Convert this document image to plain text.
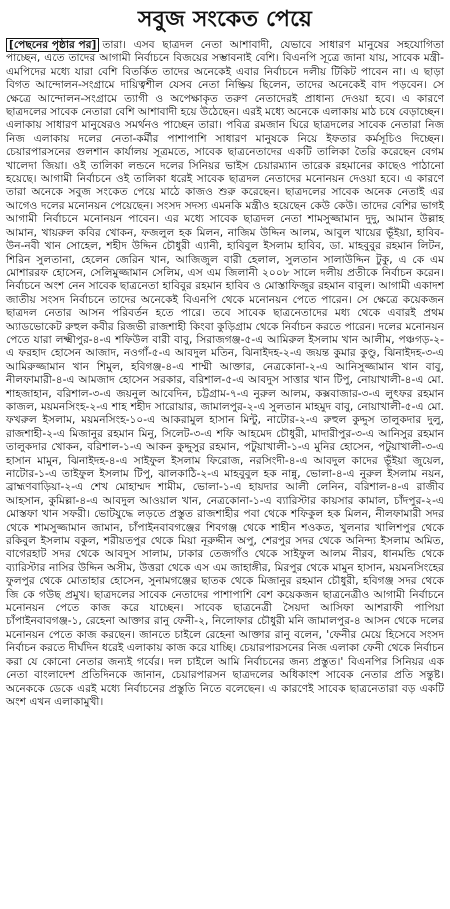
সবুজ সংকেত পেয়ে

[পেছনের পৃষ্ঠার পর] তারা। এসব ছাত্রদল নেতা আশাবাদী, যেভাবে সাধারণ মানুষের সহযোগিতা পাচ্ছেন, এতে তাদের আগামী নির্বাচনে বিজয়ের সম্ভাবনাই বেশি। বিএনপি সূত্রে জানা যায়, সাবেক মন্ত্রী-এমপিদের মধ্যে যারা বেশি বিতর্কিত তাদের অনেকেই এবার নির্বাচনে দলীয় টিকিট পাবেন না। এ ছাড়া বিগত আন্দোলন-সংগ্রামে দায়িত্বশীল যেসব নেতা নিষ্ক্রিয় ছিলেন, তাদের অনেকেই বাদ পড়বেন। সে ক্ষেত্রে আন্দোলন-সংগ্রামে ত্যাগী ও অপেক্ষাকৃত তরুণ নেতাদেরই প্রাধান্য দেওয়া হবে। এ কারণে ছাত্রদলের সাবেক নেতারা বেশি আশাবাদী হয়ে উঠেছেন। এরই মধ্যে অনেকে এলাকায় মাঠ চষে বেড়াচ্ছেন। এলাকায় সাধারণ মানুষেরও সমর্থনও পাচ্ছেন তারা। পবিত্র রমজান ঘিরে ছাত্রদলের সাবেক নেতারা নিজ নিজ এলাকায় দলের নেতা-কর্মীর পাশাপাশি সাধারণ মানুষকে নিয়ে ইফতার কর্মসূচিও দিচ্ছেন। চেয়ারপারসনের গুলশান কার্যালয় সূত্রমতে, সাবেক ছাত্রনেতাদের একটি তালিকা তৈরি করেছেন বেগম খালেদা জিয়া। ওই তালিকা লন্ডনে দলের সিনিয়র ভাইস চেয়ারম্যান তারেক রহমানের কাছেও পাঠানো হয়েছে। আগামী নির্বাচনে ওই তালিকা ধরেই সাবেক ছাত্রদল নেতাদের মনোনয়ন দেওয়া হবে। এ কারণে তারা অনেকে সবুজ সংকেত পেয়ে মাঠে কাজও শুরু করেছেন। ছাত্রদলের সাবেক অনেক নেতাই এর আগেও দলের মনোনয়ন পেয়েছেন। সংসদ সদস্য এমনকি মন্ত্রীও হয়েছেন কেউ কেউ। তাদের বেশির ভাগই আগামী নির্বাচনে মনোনয়ন পাবেন। এর মধ্যে সাবেক ছাত্রদল নেতা শামসুজ্জামান দুদু, আমান উল্লাহ আমান, খায়রুল কবির খোকন, ফজলুল হক মিলন, নাজিম উদ্দিন আলম, আবুল খায়ের ভূঁইয়া, হাবিব-উন-নবী খান সোহেল, শহীদ উদ্দিন চৌধুরী এ্যানী, হাবিবুল ইসলাম হাবিব, ডা. মাহবুবুর রহমান লিটন, শিরিন সুলতানা, হেলেন জেরিন খান, আজিজুল বারী হেলাল, সুলতান সালাউদ্দিন টুকু, এ কে এম মোশাররফ হোসেন, সেলিমুজ্জামান সেলিম, এস এম জিলানী ২০০৮ সালে দলীয় প্রতীকে নির্বাচন করেন। নির্বাচনে অংশ নেন সাবেক ছাত্রনেতা হাবিবুর রহমান হাবিব ও মোস্তাফিজুর রহমান বাবুল। আগামী একাদশ জাতীয় সংসদ নির্বাচনে তাদের অনেকেই বিএনপি থেকে মনোনয়ন পেতে পারেন। সে ক্ষেত্রে কয়েকজন ছাত্রদল নেতার আসন পরিবর্তন হতে পারে। তবে সাবেক ছাত্রনেতাদের মধ্য থেকে এবারই প্রথম অ্যাডভোকেট রুহুল কবীর রিজভী রাজশাহী কিংবা কুড়িগ্রাম থেকে নির্বাচন করতে পারেন। দলের মনোনয়ন পেতে যারা লক্ষ্মীপুর-৪-এ শফিউল বারী বাবু, সিরাজগঞ্জ-৫-এ আমিরুল ইসলাম খান আলীম, পঞ্চগড়-২-এ ফরহাদ হোসেন আজাদ, নওগাঁ-৫-এ আবদুল মতিন, ঝিনাইদহ-২-এ জয়ন্ত কুমার কুণ্ডু, ঝিনাইদহ-৩-এ আমিরুজ্জামান খান শিমুল, হবিগঞ্জ-৪-এ শাম্মী আক্তার, নেত্রকোনা-২-এ আনিসুজ্জামান খান বাবু, নীলফামারী-৪-এ আমজাদ হোসেন সরকার, বরিশাল-৫-এ আবদুস সাত্তার খান টিপু, নোয়াখালী-৪-এ মো. শাহজাহান, বরিশাল-৩-এ জয়নুল আবেদিন, চট্টগ্রাম-৭-এ নুরুল আলম, কক্সবাজার-৩-এ লুৎফর রহমান কাজল, ময়মনসিংহ-২-এ শাহ শহীদ সারোয়ার, জামালপুর-২-এ সুলতান মাহমুদ বাবু, নোয়াখালী-৫-এ মো. ফখরুল ইসলাম, ময়মনসিংহ-১০-এ আকরামুল হাসান মিন্টু, নাটোর-২-এ রুহুল কুদ্দুস তালুকদার দুলু, রাজশাহী-২-এ মিজানুর রহমান মিনু, সিলেট-৩-এ শফি আহমেদ চৌধুরী, মাদারীপুর-৩-এ আনিসুর রহমান তালুকদার খোকন, বরিশাল-১-এ আকন কুদ্দুসুর রহমান, পটুয়াখালী-১-এ মুনির হোসেন, পটুয়াখালী-৩-এ হাসান মামুন, ঝিনাইদহ-৪-এ সাইফুল ইসলাম ফিরোজ, নরসিংদী-৪-এ আবদুল কাদের ভূঁইয়া জুয়েল, নাটোর-১-এ তাইফুল ইসলাম টিপু, ঝালকাঠি-২-এ মাহবুবুল হক নান্নু, ভোলা-৪-এ নুরুল ইসলাম নয়ন, ব্রাহ্মণবাড়িয়া-২-এ শেখ মোহাম্মদ শামীম, ভোলা-১-এ হায়দার আলী লেনিন, বরিশাল-৪-এ রাজীব আহসান, কুমিল্লা-৪-এ আবদুল আওয়াল খান, নেত্রকোনা-১-এ ব্যারিস্টার কায়সার কামাল, চাঁদপুর-২-এ মোস্তফা খান সফরী। ভোটযুদ্ধে লড়তে প্রস্তুত রাজশাহীর পবা থেকে শফিকুল হক মিলন, নীলফামারী সদর থেকে শামসুজ্জামান জামান, চাঁপাইনবাবগঞ্জের শিবগঞ্জ থেকে শাহীন শওকত, খুলনার খালিশপুর থেকে রকিবুল ইসলাম বকুল, শরীয়তপুর থেকে মিয়া নূরুদ্দীন অপু, শেরপুর সদর থেকে অনিন্দ্য ইসলাম অমিত, বাগেরহাট সদর থেকে আবদুস সালাম, ঢাকার তেজগাঁও থেকে সাইফুল আলম নীরব, ধানমন্ডি থেকে ব্যারিস্টার নাসির উদ্দিন অসীম, উত্তরা থেকে এস এম জাহাঙ্গীর, মিরপুর থেকে মামুন হাসান, ময়মনসিংহের ফুলপুর থেকে মোতাহার হোসেন, সুনামগঞ্জের ছাতক থেকে মিজানুর রহমান চৌধুরী, হবিগঞ্জ সদর থেকে জি কে গউছ প্রমুখ। ছাত্রদলের সাবেক নেতাদের পাশাপাশি বেশ কয়েকজন ছাত্রনেত্রীও আগামী নির্বাচনে মনোনয়ন পেতে কাজ করে যাচ্ছেন। সাবেক ছাত্রনেত্রী সৈয়দা আসিফা আশরাফী পাপিয়া চাঁপাইনবাবগঞ্জ-১, রেহেনা আক্তার রানু ফেনী-২, নিলোফার চৌধুরী মনি জামালপুর-৪ আসন থেকে দলের মনোনয়ন পেতে কাজ করছেন। জানতে চাইলে রেহেনা আক্তার রানু বলেন, 'ফেনীর মেয়ে হিসেবে সংসদ নির্বাচন করতে দীর্ঘদিন ধরেই এলাকায় কাজ করে যাচ্ছি। চেয়ারপারসনের নিজ এলাকা ফেনী থেকে নির্বাচন করা যে কোনো নেতার জন্যই গর্বের। দল চাইলে আমি নির্বাচনের জন্য প্রস্তুত।' বিএনপির সিনিয়র এক নেতা বাংলাদেশ প্রতিদিনকে জানান, চেয়ারপারসন ছাত্রদলের অধিকাংশ সাবেক নেতার প্রতি সন্তুষ্ট। অনেককে ডেকে এরই মধ্যে নির্বাচনের প্রস্তুতি নিতে বলেছেন। এ কারণেই সাবেক ছাত্রনেতারা বড় একটি অংশ এখন এলাকামুখী।
